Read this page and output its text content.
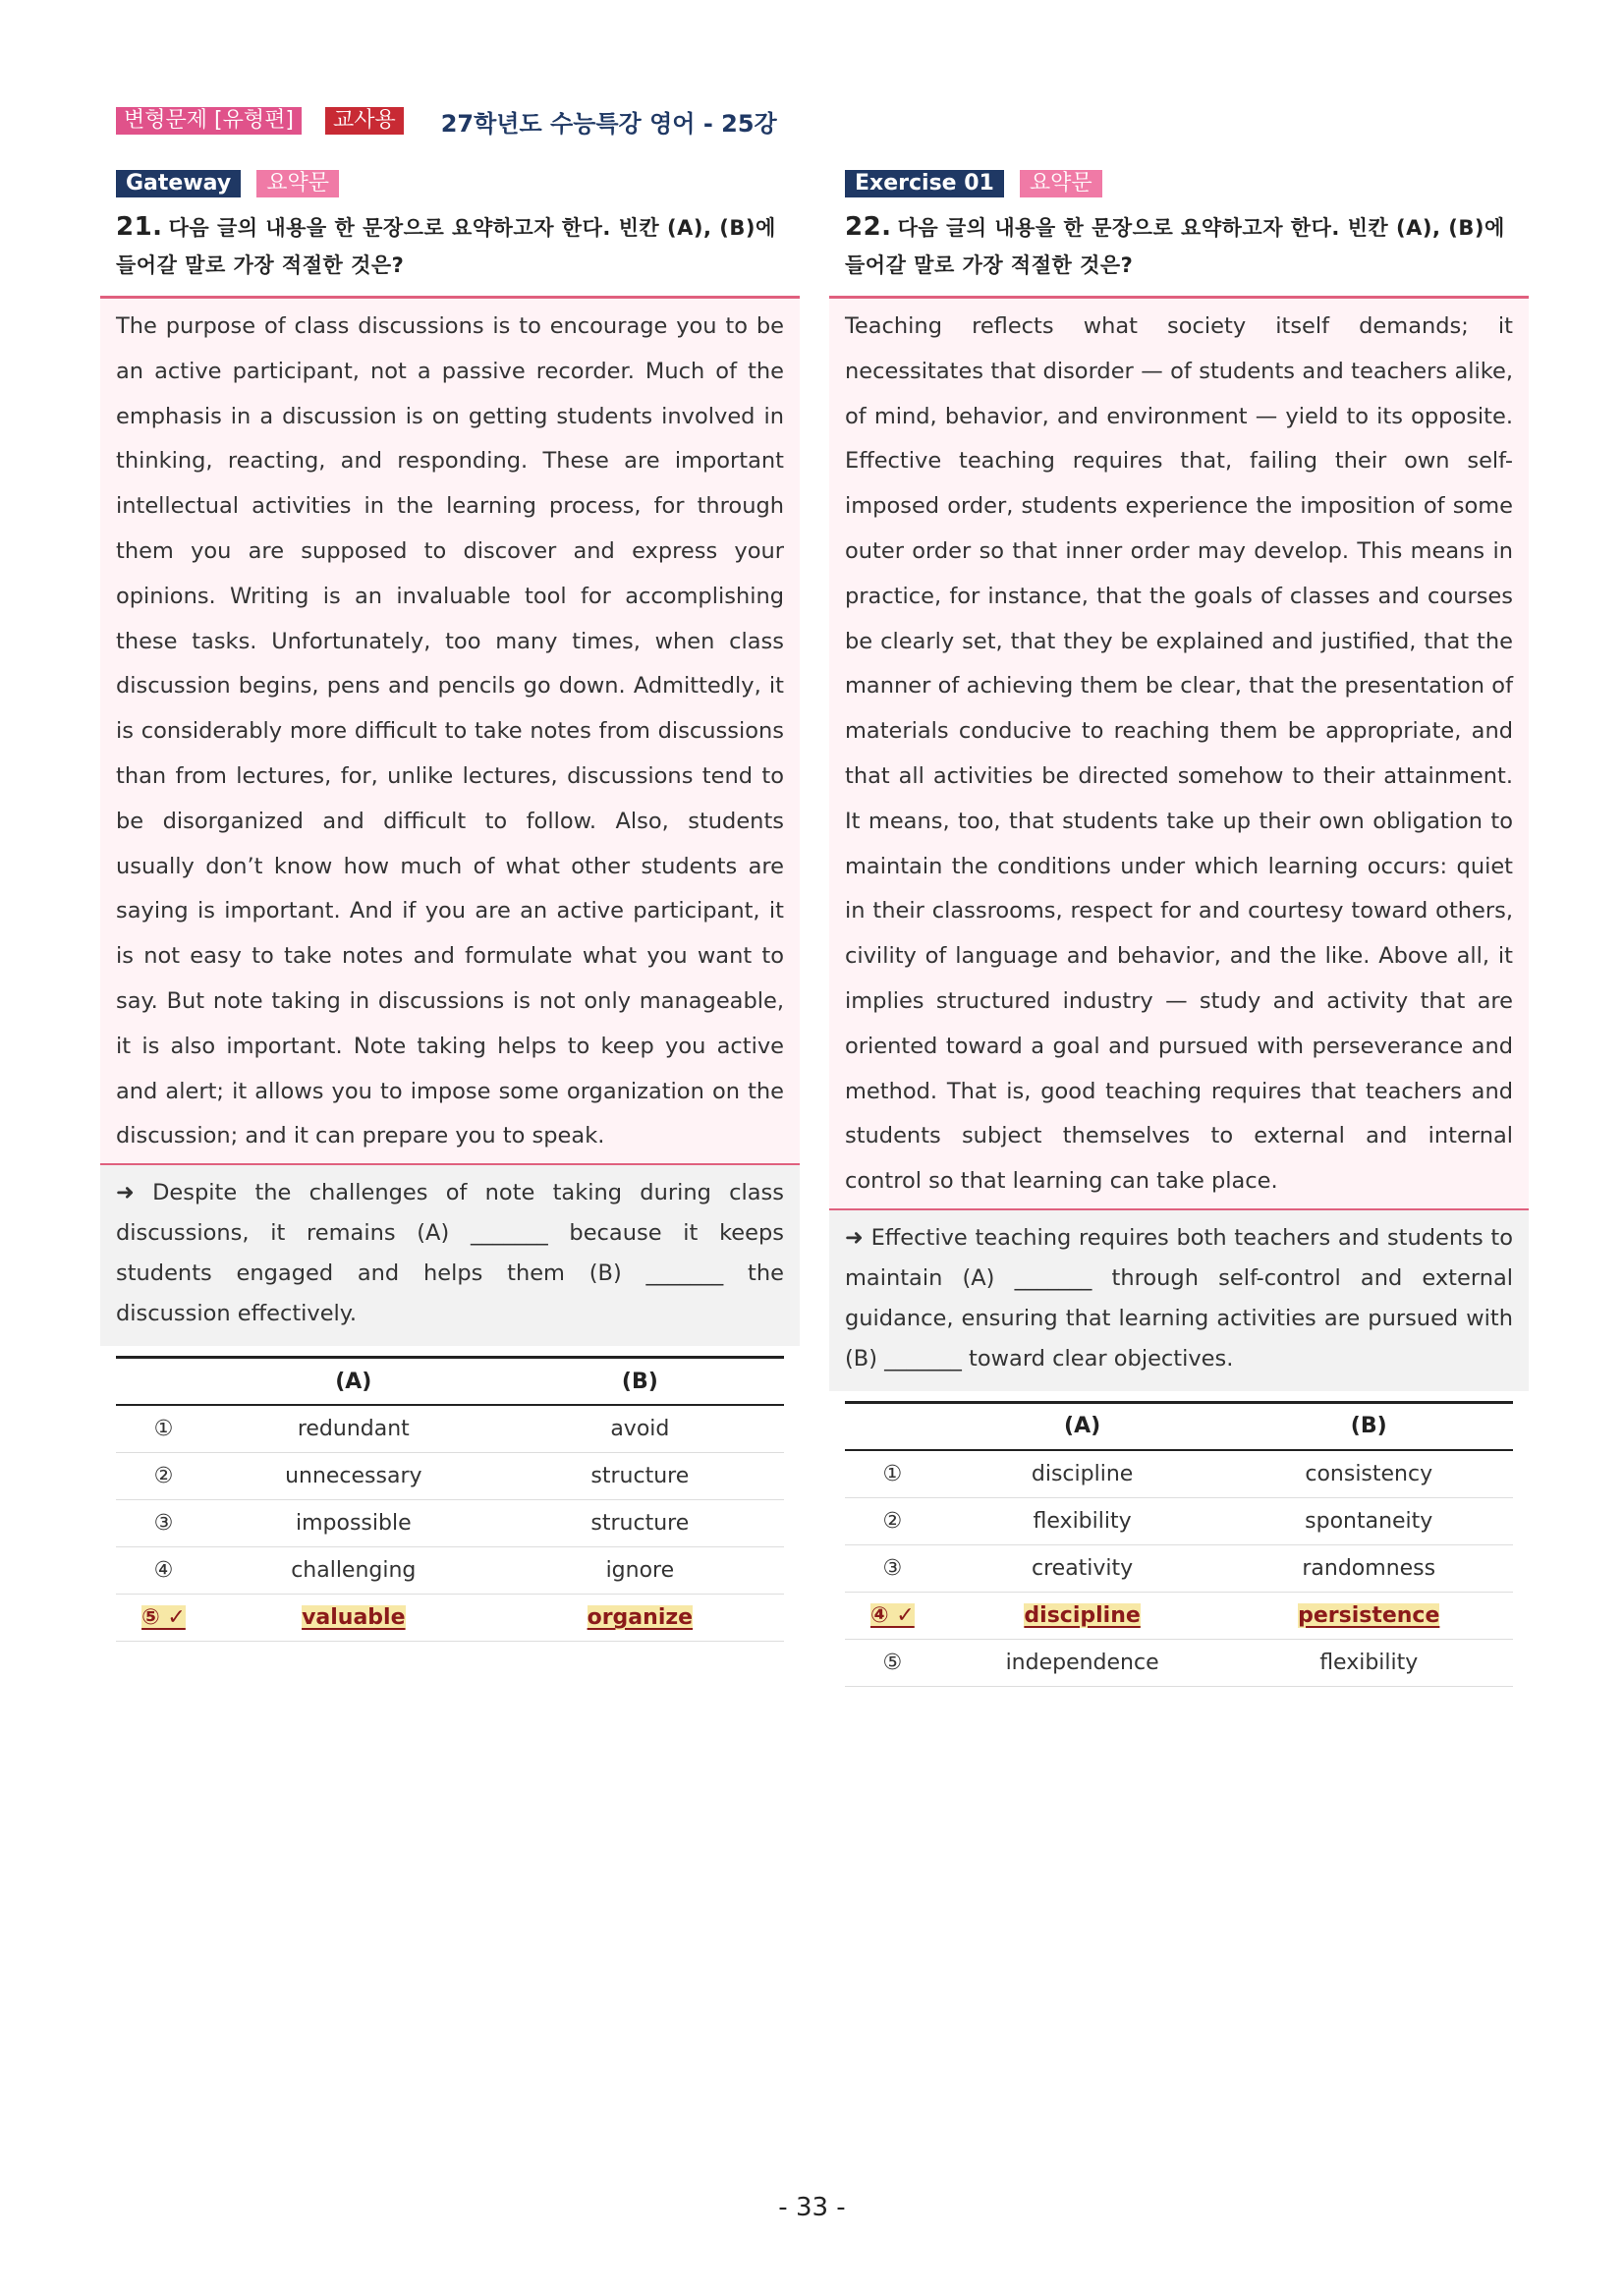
변형문제 [유형편]	교사용	27학년도 수능특강 영어 - 25강
Gateway	요약문
21. 다음 글의 내용을 한 문장으로 요약하고자 한다. 빈칸 (A), (B)에 들어갈 말로 가장 적절한 것은?
The purpose of class discussions is to encourage you to be an active participant, not a passive recorder. Much of the emphasis in a discussion is on getting students involved in thinking, reacting, and responding. These are important intellectual activities in the learning process, for through them you are supposed to discover and express your opinions. Writing is an invaluable tool for accomplishing these tasks. Unfortunately, too many times, when class discussion begins, pens and pencils go down. Admittedly, it is considerably more difficult to take notes from discussions than from lectures, for, unlike lectures, discussions tend to be disorganized and difficult to follow. Also, students usually don’t know how much of what other students are saying is important. And if you are an active participant, it is not easy to take notes and formulate what you want to say. But note taking in discussions is not only manageable, it is also important. Note taking helps to keep you active and alert; it allows you to impose some organization on the discussion; and it can prepare you to speak.
➜ Despite the challenges of note taking during class discussions, it remains (A) _______ because it keeps students engaged and helps them (B) _______ the discussion effectively.
	(A)	(B)
①	redundant	avoid
②	unnecessary	structure
③	impossible	structure
④	challenging	ignore
⑤ ✓	valuable	organize
Exercise 01	요약문
22. 다음 글의 내용을 한 문장으로 요약하고자 한다. 빈칸 (A), (B)에 들어갈 말로 가장 적절한 것은?
Teaching reflects what society itself demands; it necessitates that disorder — of students and teachers alike, of mind, behavior, and environment — yield to its opposite. Effective teaching requires that, failing their own self-imposed order, students experience the imposition of some outer order so that inner order may develop. This means in practice, for instance, that the goals of classes and courses be clearly set, that they be explained and justified, that the manner of achieving them be clear, that the presentation of materials conducive to reaching them be appropriate, and that all activities be directed somehow to their attainment. It means, too, that students take up their own obligation to maintain the conditions under which learning occurs: quiet in their classrooms, respect for and courtesy toward others, civility of language and behavior, and the like. Above all, it implies structured industry — study and activity that are oriented toward a goal and pursued with perseverance and method. That is, good teaching requires that teachers and students subject themselves to external and internal control so that learning can take place.
➜ Effective teaching requires both teachers and students to maintain (A) _______ through self-control and external guidance, ensuring that learning activities are pursued with (B) _______ toward clear objectives.
	(A)	(B)
①	discipline	consistency
②	flexibility	spontaneity
③	creativity	randomness
④ ✓	discipline	persistence
⑤	independence	flexibility
- 33 -
